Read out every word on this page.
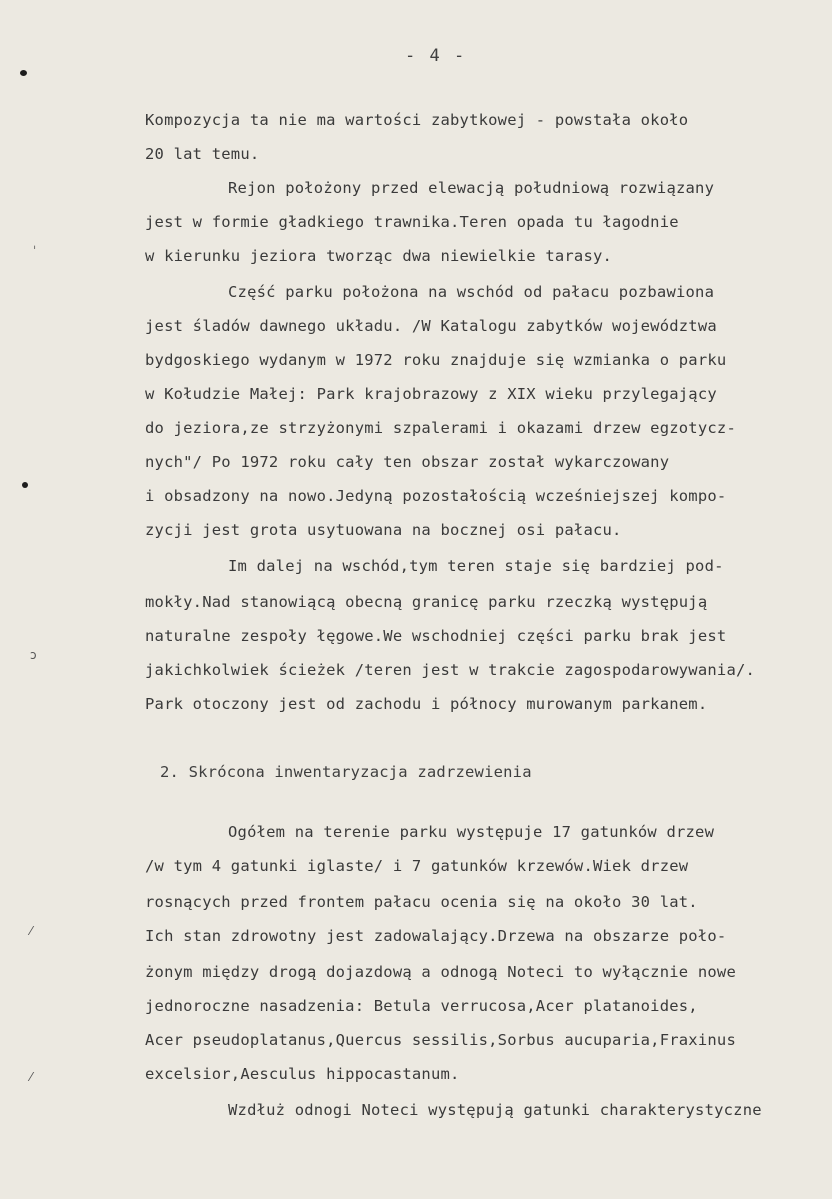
- 4 -
ˌ
ↄ
⁄
⁄
Kompozycja ta nie ma wartości zabytkowej - powstała około
20 lat temu.
Rejon położony przed elewacją południową rozwiązany
jest w formie gładkiego trawnika.Teren opada tu łagodnie
w kierunku jeziora tworząc dwa niewielkie tarasy.
Część parku położona na wschód od pałacu pozbawiona
jest śladów dawnego układu. /W Katalogu zabytków województwa
bydgoskiego wydanym w 1972 roku znajduje się wzmianka o parku
w Kołudzie Małej: Park krajobrazowy z XIX wieku przylegający
do jeziora,ze strzyżonymi szpalerami i okazami drzew egzotycz-
nych"/ Po 1972 roku cały ten obszar został wykarczowany
i obsadzony na nowo.Jedyną pozostałością wcześniejszej kompo-
zycji jest grota usytuowana na bocznej osi pałacu.
Im dalej na wschód,tym teren staje się bardziej pod-
mokły.Nad stanowiącą obecną granicę parku rzeczką występują
naturalne zespoły łęgowe.We wschodniej części parku brak jest
jakichkolwiek ścieżek /teren jest w trakcie zagospodarowywania/.
Park otoczony jest od zachodu i północy murowanym parkanem.
2. Skrócona inwentaryzacja zadrzewienia
Ogółem na terenie parku występuje 17 gatunków drzew
/w tym 4 gatunki iglaste/ i 7 gatunków krzewów.Wiek drzew
rosnących przed frontem pałacu ocenia się na około 30 lat.
Ich stan zdrowotny jest zadowalający.Drzewa na obszarze poło-
żonym między drogą dojazdową a odnogą Noteci to wyłącznie nowe
jednoroczne nasadzenia: Betula verrucosa,Acer platanoides,
Acer pseudoplatanus,Quercus sessilis,Sorbus aucuparia,Fraxinus
excelsior,Aesculus hippocastanum.
Wzdłuż odnogi Noteci występują gatunki charakterystyczne
